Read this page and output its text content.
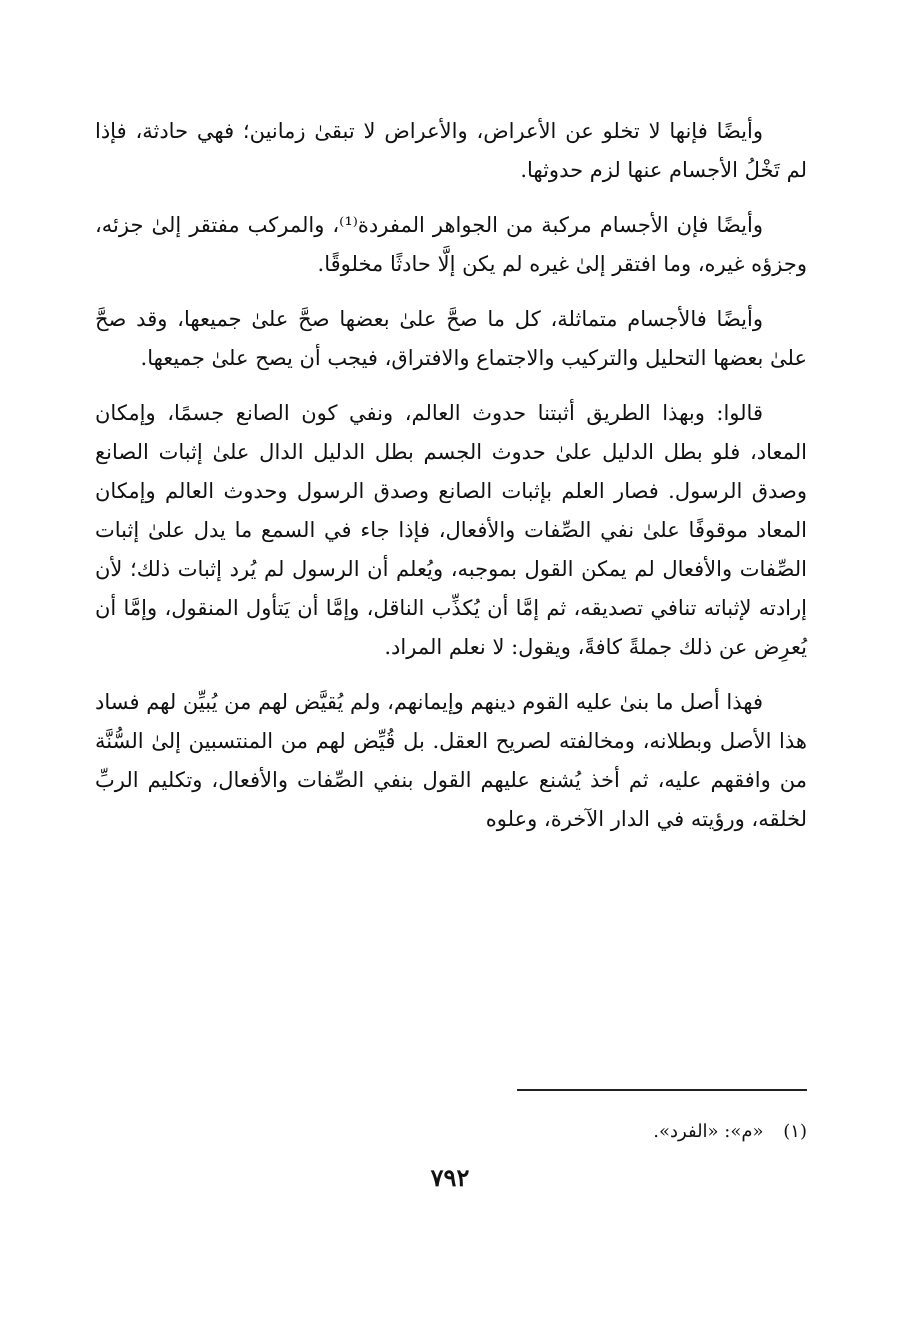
وأيضًا فإنها لا تخلو عن الأعراض، والأعراض لا تبقىٰ زمانين؛ فهي حادثة، فإذا لم تَخْلُ الأجسام عنها لزم حدوثها.

وأيضًا فإن الأجسام مركبة من الجواهر المفردة⁽¹⁾، والمركب مفتقر إلىٰ جزئه، وجزؤه غيره، وما افتقر إلىٰ غيره لم يكن إلَّا حادثًا مخلوقًا.

وأيضًا فالأجسام متماثلة، كل ما صحَّ علىٰ بعضها صحَّ علىٰ جميعها، وقد صحَّ علىٰ بعضها التحليل والتركيب والاجتماع والافتراق، فيجب أن يصح علىٰ جميعها.

قالوا: وبهذا الطريق أثبتنا حدوث العالم، ونفي كون الصانع جسمًا، وإمكان المعاد، فلو بطل الدليل علىٰ حدوث الجسم بطل الدليل الدال علىٰ إثبات الصانع وصدق الرسول. فصار العلم بإثبات الصانع وصدق الرسول وحدوث العالم وإمكان المعاد موقوفًا علىٰ نفي الصِّفات والأفعال، فإذا جاء في السمع ما يدل علىٰ إثبات الصِّفات والأفعال لم يمكن القول بموجبه، ويُعلم أن الرسول لم يُرد إثبات ذلك؛ لأن إرادته لإثباته تنافي تصديقه، ثم إمَّا أن يُكذِّب الناقل، وإمَّا أن يَتأول المنقول، وإمَّا أن يُعرِض عن ذلك جملةً كافةً، ويقول: لا نعلم المراد.

فهذا أصل ما بنىٰ عليه القوم دينهم وإيمانهم، ولم يُقيَّض لهم من يُبيِّن لهم فساد هذا الأصل وبطلانه، ومخالفته لصريح العقل. بل قُيِّض لهم من المنتسبين إلىٰ السُّنَّة من وافقهم عليه، ثم أخذ يُشنع عليهم القول بنفي الصِّفات والأفعال، وتكليم الربِّ لخلقه، ورؤيته في الدار الآخرة، وعلوه

(١) «م»: «الفرد».
٧٩٢
